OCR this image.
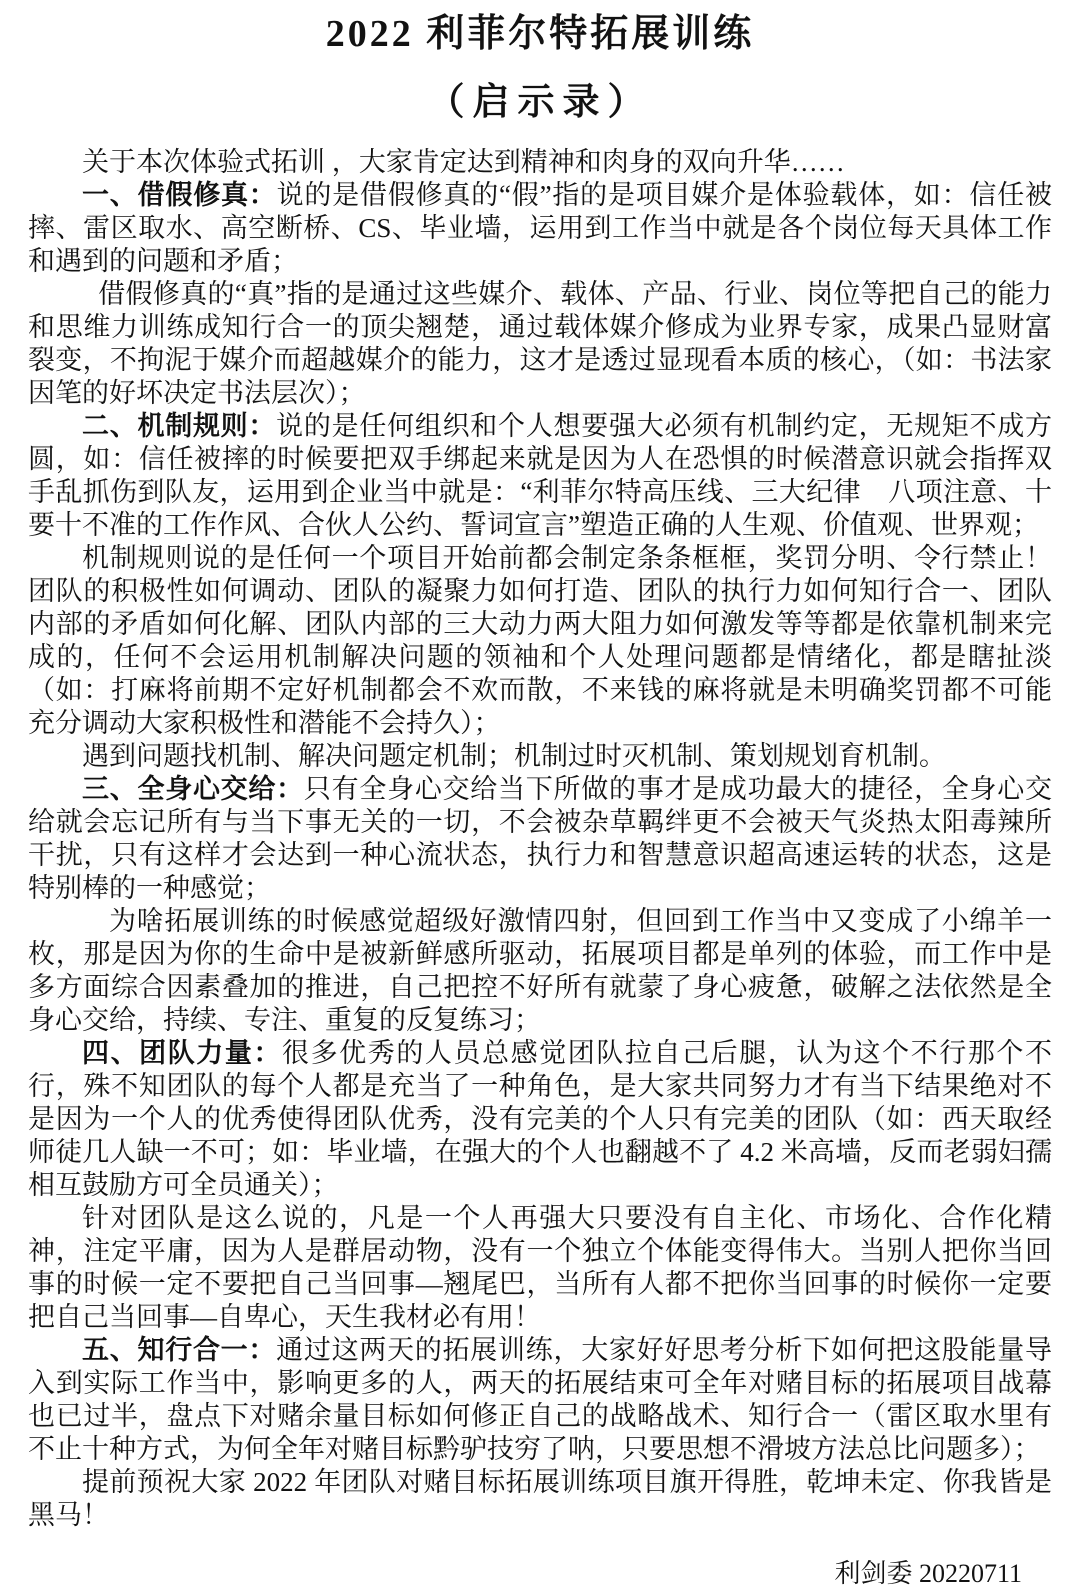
2022 利菲尔特拓展训练
（启示录）

关于本次体验式拓训 ，大家肯定达到精神和肉身的双向升华……

一、借假修真：说的是借假修真的“假”指的是项目媒介是体验载体，如：信任被摔、雷区取水、高空断桥、CS、毕业墙，运用到工作当中就是各个岗位每天具体工作和遇到的问题和矛盾；

借假修真的“真”指的是通过这些媒介、载体、产品、行业、岗位等把自己的能力和思维力训练成知行合一的顶尖翘楚，通过载体媒介修成为业界专家，成果凸显财富裂变，不拘泥于媒介而超越媒介的能力，这才是透过显现看本质的核心，（如：书法家因笔的好坏决定书法层次）；

二、机制规则：说的是任何组织和个人想要强大必须有机制约定，无规矩不成方圆，如：信任被摔的时候要把双手绑起来就是因为人在恐惧的时候潜意识就会指挥双手乱抓伤到队友，运用到企业当中就是：“利菲尔特高压线、三大纪律　八项注意、十要十不准的工作作风、合伙人公约、誓词宣言”塑造正确的人生观、价值观、世界观；

机制规则说的是任何一个项目开始前都会制定条条框框，奖罚分明、令行禁止！团队的积极性如何调动、团队的凝聚力如何打造、团队的执行力如何知行合一、团队内部的矛盾如何化解、团队内部的三大动力两大阻力如何激发等等都是依靠机制来完成的，任何不会运用机制解决问题的领袖和个人处理问题都是情绪化，都是瞎扯淡（如：打麻将前期不定好机制都会不欢而散，不来钱的麻将就是未明确奖罚都不可能充分调动大家积极性和潜能不会持久）；

遇到问题找机制、解决问题定机制；机制过时灭机制、策划规划育机制。

三、全身心交给：只有全身心交给当下所做的事才是成功最大的捷径，全身心交给就会忘记所有与当下事无关的一切，不会被杂草羁绊更不会被天气炎热太阳毒辣所干扰，只有这样才会达到一种心流状态，执行力和智慧意识超高速运转的状态，这是特别棒的一种感觉；

为啥拓展训练的时候感觉超级好激情四射，但回到工作当中又变成了小绵羊一枚，那是因为你的生命中是被新鲜感所驱动，拓展项目都是单列的体验，而工作中是多方面综合因素叠加的推进，自己把控不好所有就蒙了身心疲惫，破解之法依然是全身心交给，持续、专注、重复的反复练习；

四、团队力量：很多优秀的人员总感觉团队拉自己后腿，认为这个不行那个不行，殊不知团队的每个人都是充当了一种角色，是大家共同努力才有当下结果绝对不是因为一个人的优秀使得团队优秀，没有完美的个人只有完美的团队（如：西天取经师徒几人缺一不可；如：毕业墙，在强大的个人也翻越不了 4.2 米高墙，反而老弱妇孺相互鼓励方可全员通关）；

针对团队是这么说的，凡是一个人再强大只要没有自主化、市场化、合作化精神，注定平庸，因为人是群居动物，没有一个独立个体能变得伟大。当别人把你当回事的时候一定不要把自己当回事—翘尾巴，当所有人都不把你当回事的时候你一定要把自己当回事—自卑心，天生我材必有用！

五、知行合一：通过这两天的拓展训练，大家好好思考分析下如何把这股能量导入到实际工作当中，影响更多的人，两天的拓展结束可全年对赌目标的拓展项目战幕也已过半，盘点下对赌余量目标如何修正自己的战略战术、知行合一（雷区取水里有不止十种方式，为何全年对赌目标黔驴技穷了呐，只要思想不滑坡方法总比问题多）；

提前预祝大家 2022 年团队对赌目标拓展训练项目旗开得胜，乾坤未定、你我皆是黑马！

利剑委 20220711
